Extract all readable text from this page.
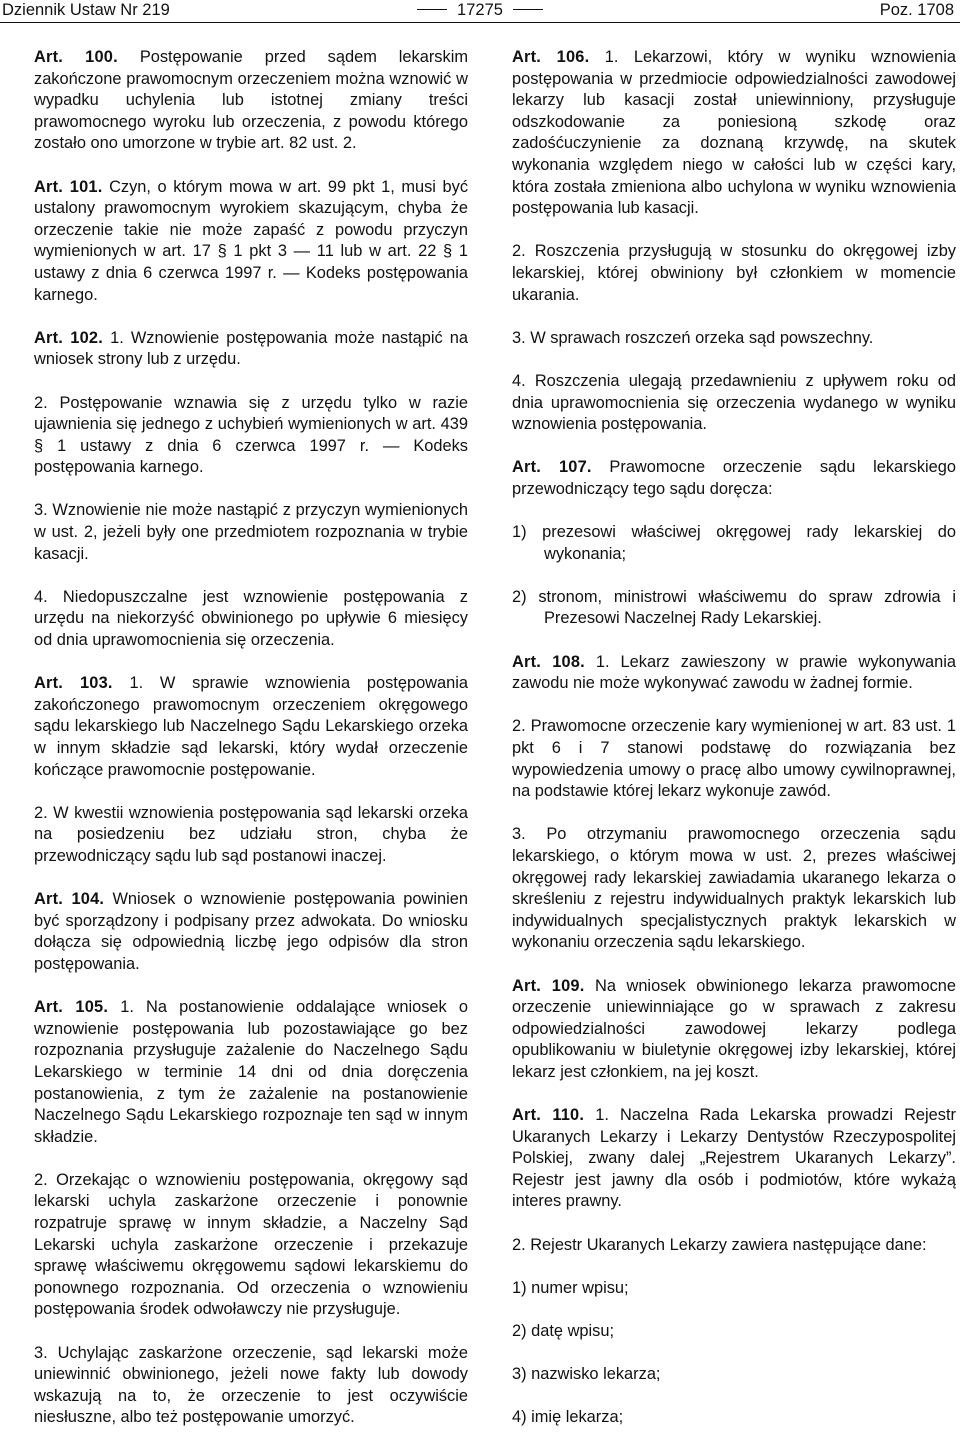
Dziennik Ustaw Nr 219	17275	Poz. 1708

Art. 100. Postępowanie przed sądem lekarskim zakończone prawomocnym orzeczeniem można wznowić w wypadku uchylenia lub istotnej zmiany treści prawomocnego wyroku lub orzeczenia, z powodu którego zostało ono umorzone w trybie art. 82 ust. 2.

Art. 101. Czyn, o którym mowa w art. 99 pkt 1, musi być ustalony prawomocnym wyrokiem skazującym, chyba że orzeczenie takie nie może zapaść z powodu przyczyn wymienionych w art. 17 § 1 pkt 3 — 11 lub w art. 22 § 1 ustawy z dnia 6 czerwca 1997 r. — Kodeks postępowania karnego.

Art. 102. 1. Wznowienie postępowania może nastąpić na wniosek strony lub z urzędu.

2. Postępowanie wznawia się z urzędu tylko w razie ujawnienia się jednego z uchybień wymienionych w art. 439 § 1 ustawy z dnia 6 czerwca 1997 r. — Kodeks postępowania karnego.

3. Wznowienie nie może nastąpić z przyczyn wymienionych w ust. 2, jeżeli były one przedmiotem rozpoznania w trybie kasacji.

4. Niedopuszczalne jest wznowienie postępowania z urzędu na niekorzyść obwinionego po upływie 6 miesięcy od dnia uprawomocnienia się orzeczenia.

Art. 103. 1. W sprawie wznowienia postępowania zakończonego prawomocnym orzeczeniem okręgowego sądu lekarskiego lub Naczelnego Sądu Lekarskiego orzeka w innym składzie sąd lekarski, który wydał orzeczenie kończące prawomocnie postępowanie.

2. W kwestii wznowienia postępowania sąd lekarski orzeka na posiedzeniu bez udziału stron, chyba że przewodniczący sądu lub sąd postanowi inaczej.

Art. 104. Wniosek o wznowienie postępowania powinien być sporządzony i podpisany przez adwokata. Do wniosku dołącza się odpowiednią liczbę jego odpisów dla stron postępowania.

Art. 105. 1. Na postanowienie oddalające wniosek o wznowienie postępowania lub pozostawiające go bez rozpoznania przysługuje zażalenie do Naczelnego Sądu Lekarskiego w terminie 14 dni od dnia doręczenia postanowienia, z tym że zażalenie na postanowienie Naczelnego Sądu Lekarskiego rozpoznaje ten sąd w innym składzie.

2. Orzekając o wznowieniu postępowania, okręgowy sąd lekarski uchyla zaskarżone orzeczenie i ponownie rozpatruje sprawę w innym składzie, a Naczelny Sąd Lekarski uchyla zaskarżone orzeczenie i przekazuje sprawę właściwemu okręgowemu sądowi lekarskiemu do ponownego rozpoznania. Od orzeczenia o wznowieniu postępowania środek odwoławczy nie przysługuje.

3. Uchylając zaskarżone orzeczenie, sąd lekarski może uniewinnić obwinionego, jeżeli nowe fakty lub dowody wskazują na to, że orzeczenie to jest oczywiście niesłuszne, albo też postępowanie umorzyć.

Art. 106. 1. Lekarzowi, który w wyniku wznowienia postępowania w przedmiocie odpowiedzialności zawodowej lekarzy lub kasacji został uniewinniony, przysługuje odszkodowanie za poniesioną szkodę oraz zadośćuczynienie za doznaną krzywdę, na skutek wykonania względem niego w całości lub w części kary, która została zmieniona albo uchylona w wyniku wznowienia postępowania lub kasacji.

2. Roszczenia przysługują w stosunku do okręgowej izby lekarskiej, której obwiniony był członkiem w momencie ukarania.

3. W sprawach roszczeń orzeka sąd powszechny.

4. Roszczenia ulegają przedawnieniu z upływem roku od dnia uprawomocnienia się orzeczenia wydanego w wyniku wznowienia postępowania.

Art. 107. Prawomocne orzeczenie sądu lekarskiego przewodniczący tego sądu doręcza:

1) prezesowi właściwej okręgowej rady lekarskiej do wykonania;

2) stronom, ministrowi właściwemu do spraw zdrowia i Prezesowi Naczelnej Rady Lekarskiej.

Art. 108. 1. Lekarz zawieszony w prawie wykonywania zawodu nie może wykonywać zawodu w żadnej formie.

2. Prawomocne orzeczenie kary wymienionej w art. 83 ust. 1 pkt 6 i 7 stanowi podstawę do rozwiązania bez wypowiedzenia umowy o pracę albo umowy cywilnoprawnej, na podstawie której lekarz wykonuje zawód.

3. Po otrzymaniu prawomocnego orzeczenia sądu lekarskiego, o którym mowa w ust. 2, prezes właściwej okręgowej rady lekarskiej zawiadamia ukaranego lekarza o skreśleniu z rejestru indywidualnych praktyk lekarskich lub indywidualnych specjalistycznych praktyk lekarskich w wykonaniu orzeczenia sądu lekarskiego.

Art. 109. Na wniosek obwinionego lekarza prawomocne orzeczenie uniewinniające go w sprawach z zakresu odpowiedzialności zawodowej lekarzy podlega opublikowaniu w biuletynie okręgowej izby lekarskiej, której lekarz jest członkiem, na jej koszt.

Art. 110. 1. Naczelna Rada Lekarska prowadzi Rejestr Ukaranych Lekarzy i Lekarzy Dentystów Rzeczypospolitej Polskiej, zwany dalej „Rejestrem Ukaranych Lekarzy”. Rejestr jest jawny dla osób i podmiotów, które wykażą interes prawny.

2. Rejestr Ukaranych Lekarzy zawiera następujące dane:

1) numer wpisu;

2) datę wpisu;

3) nazwisko lekarza;

4) imię lekarza;
